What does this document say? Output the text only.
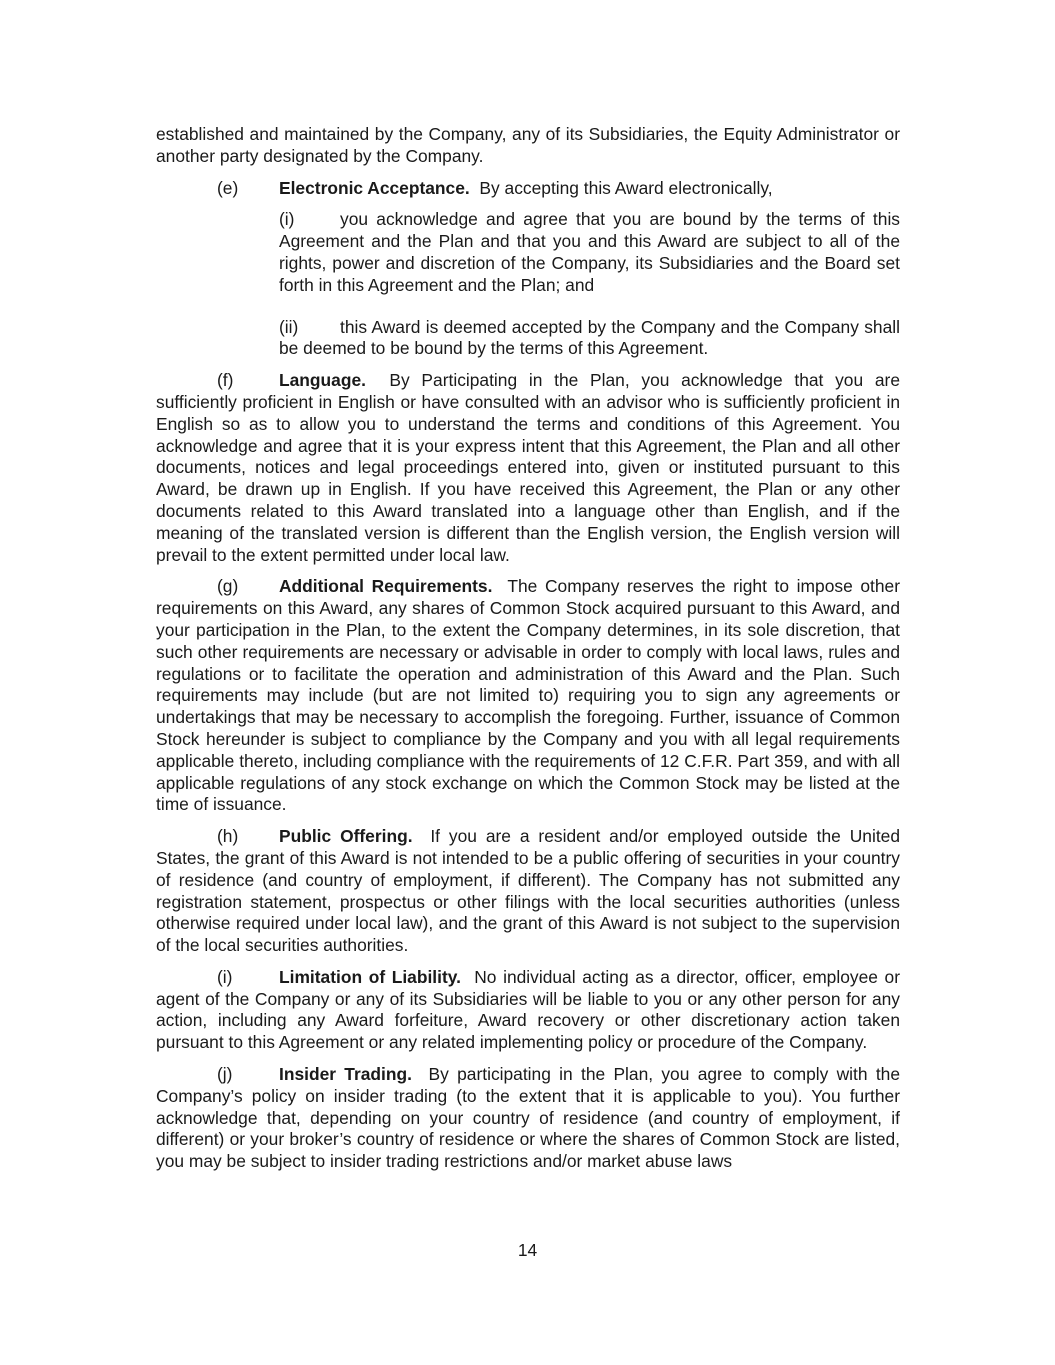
established and maintained by the Company, any of its Subsidiaries, the Equity Administrator or another party designated by the Company.

(e)	Electronic Acceptance. By accepting this Award electronically,

(i)	you acknowledge and agree that you are bound by the terms of this Agreement and the Plan and that you and this Award are subject to all of the rights, power and discretion of the Company, its Subsidiaries and the Board set forth in this Agreement and the Plan; and

(ii) this Award is deemed accepted by the Company and the Company shall be deemed to be bound by the terms of this Agreement.

(f)	Language. By Participating in the Plan, you acknowledge that you are sufficiently proficient in English or have consulted with an advisor who is sufficiently proficient in English so as to allow you to understand the terms and conditions of this Agreement. You acknowledge and agree that it is your express intent that this Agreement, the Plan and all other documents, notices and legal proceedings entered into, given or instituted pursuant to this Award, be drawn up in English. If you have received this Agreement, the Plan or any other documents related to this Award translated into a language other than English, and if the meaning of the translated version is different than the English version, the English version will prevail to the extent permitted under local law.

(g) Additional Requirements. The Company reserves the right to impose other requirements on this Award, any shares of Common Stock acquired pursuant to this Award, and your participation in the Plan, to the extent the Company determines, in its sole discretion, that such other requirements are necessary or advisable in order to comply with local laws, rules and regulations or to facilitate the operation and administration of this Award and the Plan. Such requirements may include (but are not limited to) requiring you to sign any agreements or undertakings that may be necessary to accomplish the foregoing. Further, issuance of Common Stock hereunder is subject to compliance by the Company and you with all legal requirements applicable thereto, including compliance with the requirements of 12 C.F.R. Part 359, and with all applicable regulations of any stock exchange on which the Common Stock may be listed at the time of issuance.

(h) Public Offering. If you are a resident and/or employed outside the United States, the grant of this Award is not intended to be a public offering of securities in your country of residence (and country of employment, if different). The Company has not submitted any registration statement, prospectus or other filings with the local securities authorities (unless otherwise required under local law), and the grant of this Award is not subject to the supervision of the local securities authorities.

(i)	Limitation of Liability. No individual acting as a director, officer, employee or agent of the Company or any of its Subsidiaries will be liable to you or any other person for any action, including any Award forfeiture, Award recovery or other discretionary action taken pursuant to this Agreement or any related implementing policy or procedure of the Company.

(j)	Insider Trading. By participating in the Plan, you agree to comply with the Company’s policy on insider trading (to the extent that it is applicable to you). You further acknowledge that, depending on your country of residence (and country of employment, if different) or your broker’s country of residence or where the shares of Common Stock are listed, you may be subject to insider trading restrictions and/or market abuse laws

14
